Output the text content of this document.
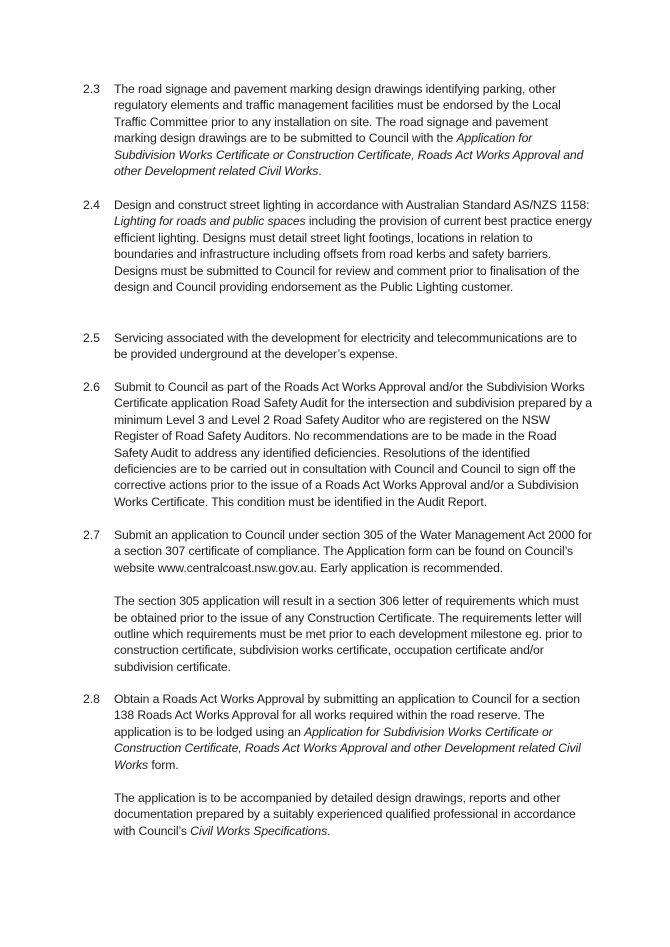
2.3	The road signage and pavement marking design drawings identifying parking, other regulatory elements and traffic management facilities must be endorsed by the Local Traffic Committee prior to any installation on site. The road signage and pavement marking design drawings are to be submitted to Council with the Application for Subdivision Works Certificate or Construction Certificate, Roads Act Works Approval and other Development related Civil Works.

2.4	Design and construct street lighting in accordance with Australian Standard AS/NZS 1158: Lighting for roads and public spaces including the provision of current best practice energy efficient lighting. Designs must detail street light footings, locations in relation to boundaries and infrastructure including offsets from road kerbs and safety barriers. Designs must be submitted to Council for review and comment prior to finalisation of the design and Council providing endorsement as the Public Lighting customer.

2.5	Servicing associated with the development for electricity and telecommunications are to be provided underground at the developer’s expense.

2.6	Submit to Council as part of the Roads Act Works Approval and/or the Subdivision Works Certificate application Road Safety Audit for the intersection and subdivision prepared by a minimum Level 3 and Level 2 Road Safety Auditor who are registered on the NSW Register of Road Safety Auditors. No recommendations are to be made in the Road Safety Audit to address any identified deficiencies. Resolutions of the identified deficiencies are to be carried out in consultation with Council and Council to sign off the corrective actions prior to the issue of a Roads Act Works Approval and/or a Subdivision Works Certificate. This condition must be identified in the Audit Report.

2.7	Submit an application to Council under section 305 of the Water Management Act 2000 for a section 307 certificate of compliance. The Application form can be found on Council’s website www.centralcoast.nsw.gov.au. Early application is recommended.

The section 305 application will result in a section 306 letter of requirements which must be obtained prior to the issue of any Construction Certificate. The requirements letter will outline which requirements must be met prior to each development milestone eg. prior to construction certificate, subdivision works certificate, occupation certificate and/or subdivision certificate.

2.8	Obtain a Roads Act Works Approval by submitting an application to Council for a section 138 Roads Act Works Approval for all works required within the road reserve. The application is to be lodged using an Application for Subdivision Works Certificate or Construction Certificate, Roads Act Works Approval and other Development related Civil Works form.

The application is to be accompanied by detailed design drawings, reports and other documentation prepared by a suitably experienced qualified professional in accordance with Council’s Civil Works Specifications.
